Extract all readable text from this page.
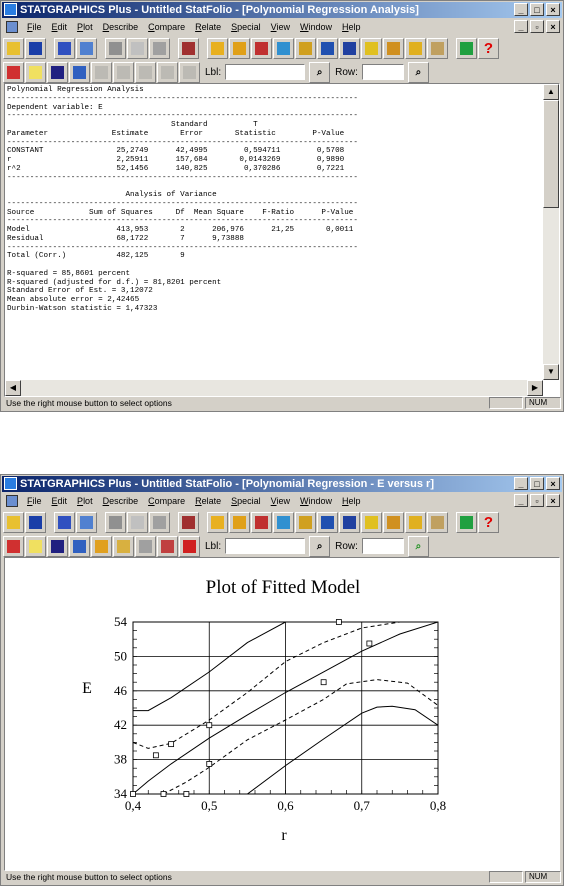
STATGRAPHICS Plus - Untitled StatFolio - [Polynomial Regression Analysis]	_	□	×
File	Edit	Plot	Describe	Compare	Relate	Special	View	Window	Help	_	▫	×
?
Lbl:	⌕ Row:	⌕
Polynomial Regression Analysis
-----------------------------------------------------------------------------
Dependent variable: E
-----------------------------------------------------------------------------
Standard          T
Parameter              Estimate       Error       Statistic        P-Value
-----------------------------------------------------------------------------
CONSTANT                25,2749      42,4995        0,594711        0,5708
r                       2,25911      157,684       0,0143269        0,9890
r^2                     52,1456      140,825        0,370286        0,7221
-----------------------------------------------------------------------------

Analysis of Variance
-----------------------------------------------------------------------------
Source            Sum of Squares     Df  Mean Square    F-Ratio      P-Value
-----------------------------------------------------------------------------
Model                   413,953       2      206,976      21,25       0,0011
Residual                68,1722       7      9,73888
-----------------------------------------------------------------------------
Total (Corr.)           482,125       9

R-squared = 85,8601 percent
R-squared (adjusted for d.f.) = 81,8201 percent
Standard Error of Est. = 3,12072
Mean absolute error = 2,42465
Durbin-Watson statistic = 1,47323
▲
▼
◀	▶
Use the right mouse button to select options	NUM
STATGRAPHICS Plus - Untitled StatFolio - [Polynomial Regression - E versus r]	_	□	×
File	Edit	Plot	Describe	Compare	Relate	Special	View	Window	Help	_	▫	×
?
Lbl:	⌕ Row:	⌕
0,4	0,5	0,6	0,7	0,8
34
38
42
46
50
54
Plot of Fitted Model
E
r
Use the right mouse button to select options	NUM
